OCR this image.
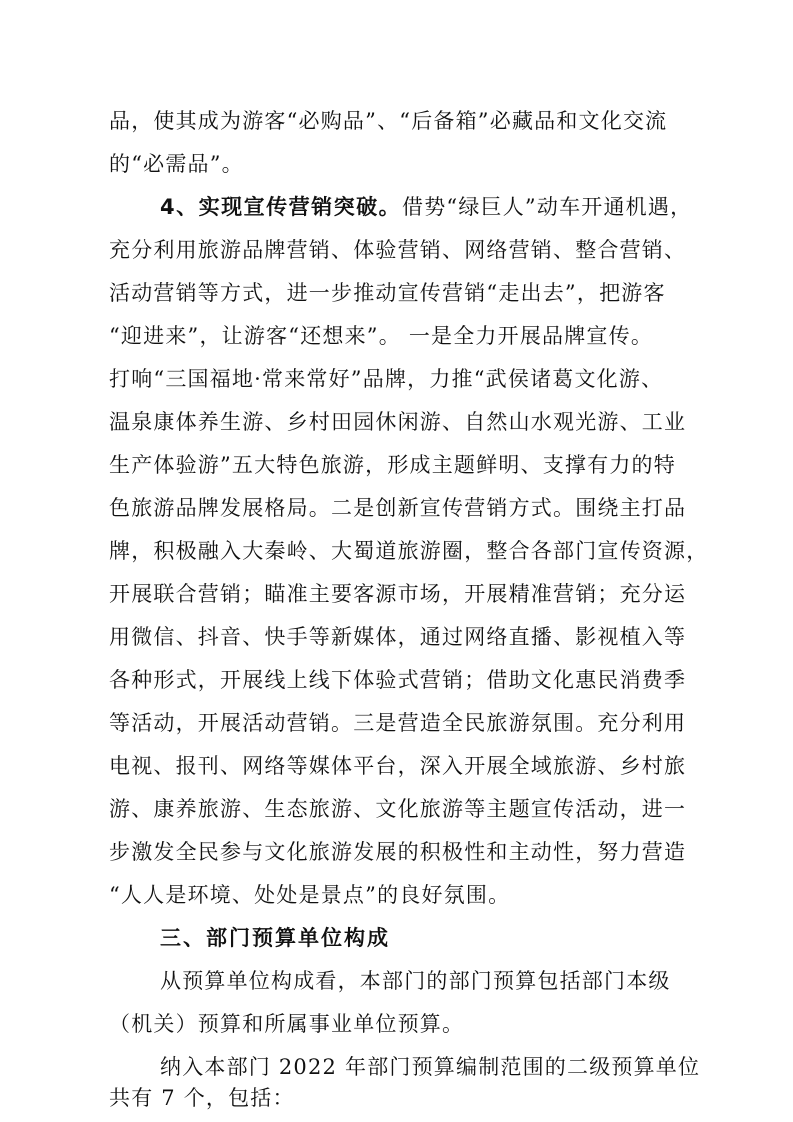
品，使其成为游客“必购品”、“后备箱”必藏品和文化交流
的“必需品”。
4、实现宣传营销突破。 借势“绿巨人”动车开通机遇，
充分利用旅游品牌营销、体验营销、网络营销、整合营销、
活动营销等方式，进一步推动宣传营销“走出去”，把游客
“迎进来”，让游客“还想来”。 一是全力开展品牌宣传。
打响“三国福地·常来常好”品牌，力推“武侯诸葛文化游、
温泉康体养生游、乡村田园休闲游、自然山水观光游、工业
生产体验游”五大特色旅游，形成主题鲜明、支撑有力的特
色旅游品牌发展格局。二是创新宣传营销方式。围绕主打品
牌，积极融入大秦岭、大蜀道旅游圈，整合各部门宣传资源，
开展联合营销；瞄准主要客源市场，开展精准营销；充分运
用微信、抖音、快手等新媒体，通过网络直播、影视植入等
各种形式，开展线上线下体验式营销；借助文化惠民消费季
等活动，开展活动营销。三是营造全民旅游氛围。充分利用
电视、报刊、网络等媒体平台，深入开展全域旅游、乡村旅
游、康养旅游、生态旅游、文化旅游等主题宣传活动，进一
步激发全民参与文化旅游发展的积极性和主动性，努力营造
“人人是环境、处处是景点”的良好氛围。
三、部门预算单位构成
从预算单位构成看，本部门的部门预算包括部门本级
（机关）预算和所属事业单位预算。
纳入本部门 2022 年部门预算编制范围的二级预算单位
共有 7 个，包括：
